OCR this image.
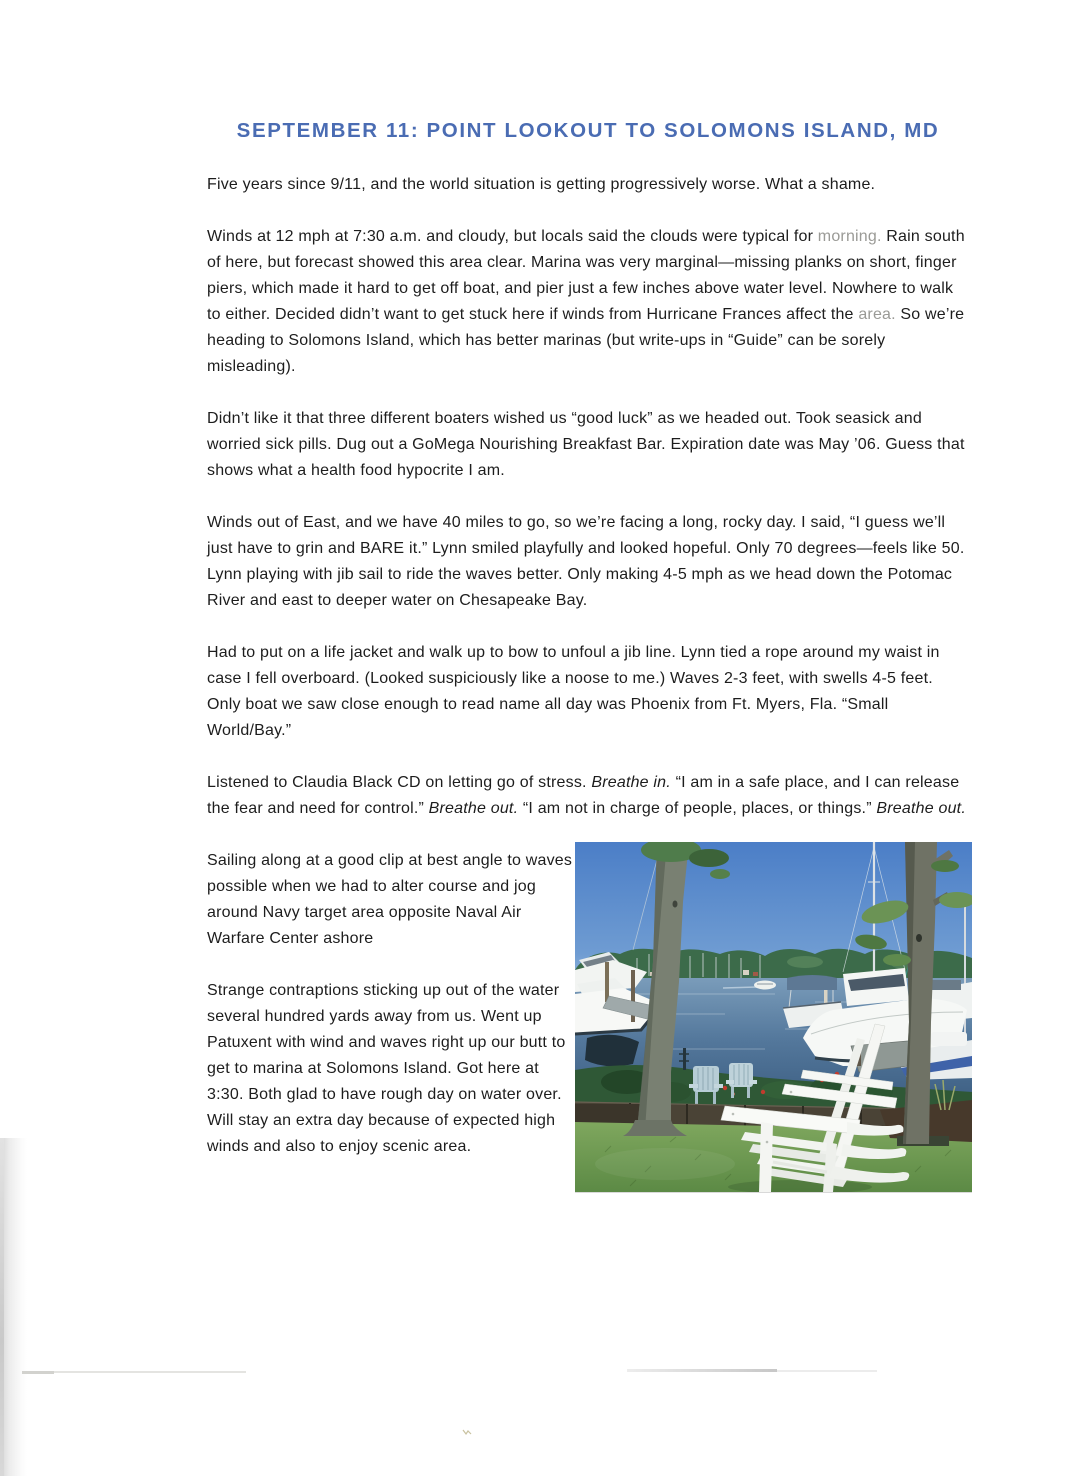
SEPTEMBER 11: POINT LOOKOUT TO SOLOMONS ISLAND, MD

Five years since 9/11, and the world situation is getting progressively worse. What a shame.

Winds at 12 mph at 7:30 a.m. and cloudy, but locals said the clouds were typical for morning. Rain south of here, but forecast showed this area clear. Marina was very marginal—missing planks on short, finger piers, which made it hard to get off boat, and pier just a few inches above water level. Nowhere to walk to either. Decided didn’t want to get stuck here if winds from Hurricane Frances affect the area. So we’re heading to Solomons Island, which has better marinas (but write-ups in “Guide” can be sorely misleading).

Didn’t like it that three different boaters wished us “good luck” as we headed out. Took seasick and worried sick pills. Dug out a GoMega Nourishing Breakfast Bar. Expiration date was May ’06. Guess that shows what a health food hypocrite I am.

Winds out of East, and we have 40 miles to go, so we’re facing a long, rocky day. I said, “I guess we’ll just have to grin and BARE it.” Lynn smiled playfully and looked hopeful. Only 70 degrees—feels like 50. Lynn playing with jib sail to ride the waves better. Only making 4-5 mph as we head down the Potomac River and east to deeper water on Chesapeake Bay.

Had to put on a life jacket and walk up to bow to unfoul a jib line. Lynn tied a rope around my waist in case I fell overboard. (Looked suspiciously like a noose to me.) Waves 2-3 feet, with swells 4-5 feet. Only boat we saw close enough to read name all day was Phoenix from Ft. Myers, Fla. “Small World/Bay.”

Listened to Claudia Black CD on letting go of stress. Breathe in. “I am in a safe place, and I can release the fear and need for control.” Breathe out. “I am not in charge of people, places, or things.” Breathe out.

Sailing along at a good clip at best angle to waves possible when we had to alter course and jog around Navy target area opposite Naval Air Warfare Center ashore

Strange contraptions sticking up out of the water several hundred yards away from us. Went up Patuxent with wind and waves right up our butt to get to marina at Solomons Island. Got here at 3:30. Both glad to have rough day on water over. Will stay an extra day because of expected high winds and also to enjoy scenic area.
